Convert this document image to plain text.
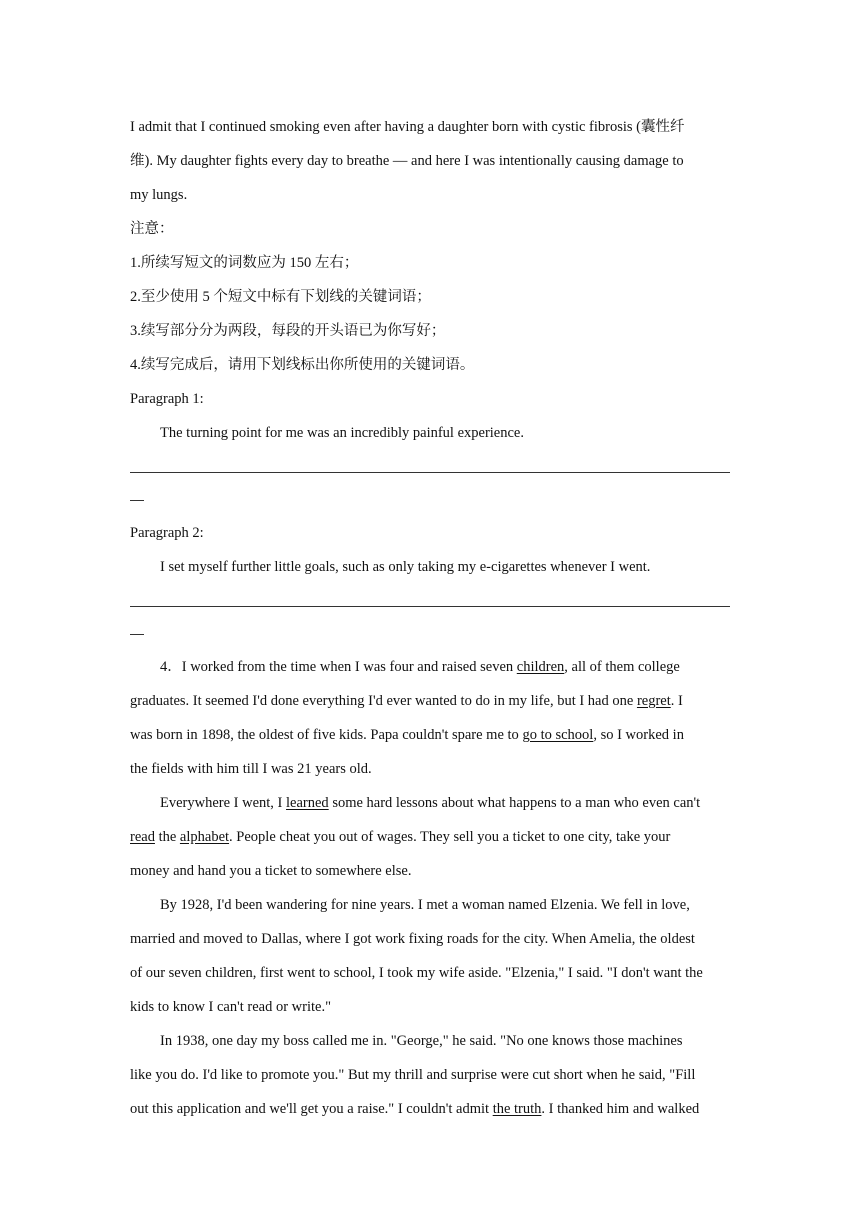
I admit that I continued smoking even after having a daughter born with cystic fibrosis (囊性纤

维). My daughter fights every day to breathe — and here I was intentionally causing damage to

my lungs.

注意：

1.所续写短文的词数应为 150 左右；

2.至少使用 5 个短文中标有下划线的关键词语；

3.续写部分分为两段，每段的开头语已为你写好；

4.续写完成后，请用下划线标出你所使用的关键词语。

Paragraph 1:

The turning point for me was an incredibly painful experience.

Paragraph 2:

I set myself further little goals, such as only taking my e-cigarettes whenever I went.

4．I worked from the time when I was four and raised seven children, all of them college

graduates. It seemed I'd done everything I'd ever wanted to do in my life, but I had one regret. I

was born in 1898, the oldest of five kids. Papa couldn't spare me to go to school, so I worked in

the fields with him till I was 21 years old.

Everywhere I went, I learned some hard lessons about what happens to a man who even can't

read the alphabet. People cheat you out of wages. They sell you a ticket to one city, take your

money and hand you a ticket to somewhere else.

By 1928, I'd been wandering for nine years. I met a woman named Elzenia. We fell in love,

married and moved to Dallas, where I got work fixing roads for the city. When Amelia, the oldest

of our seven children, first went to school, I took my wife aside. "Elzenia," I said. "I don't want the

kids to know I can't read or write."

In 1938, one day my boss called me in. "George," he said. "No one knows those machines

like you do. I'd like to promote you." But my thrill and surprise were cut short when he said, "Fill

out this application and we'll get you a raise." I couldn't admit the truth. I thanked him and walked
